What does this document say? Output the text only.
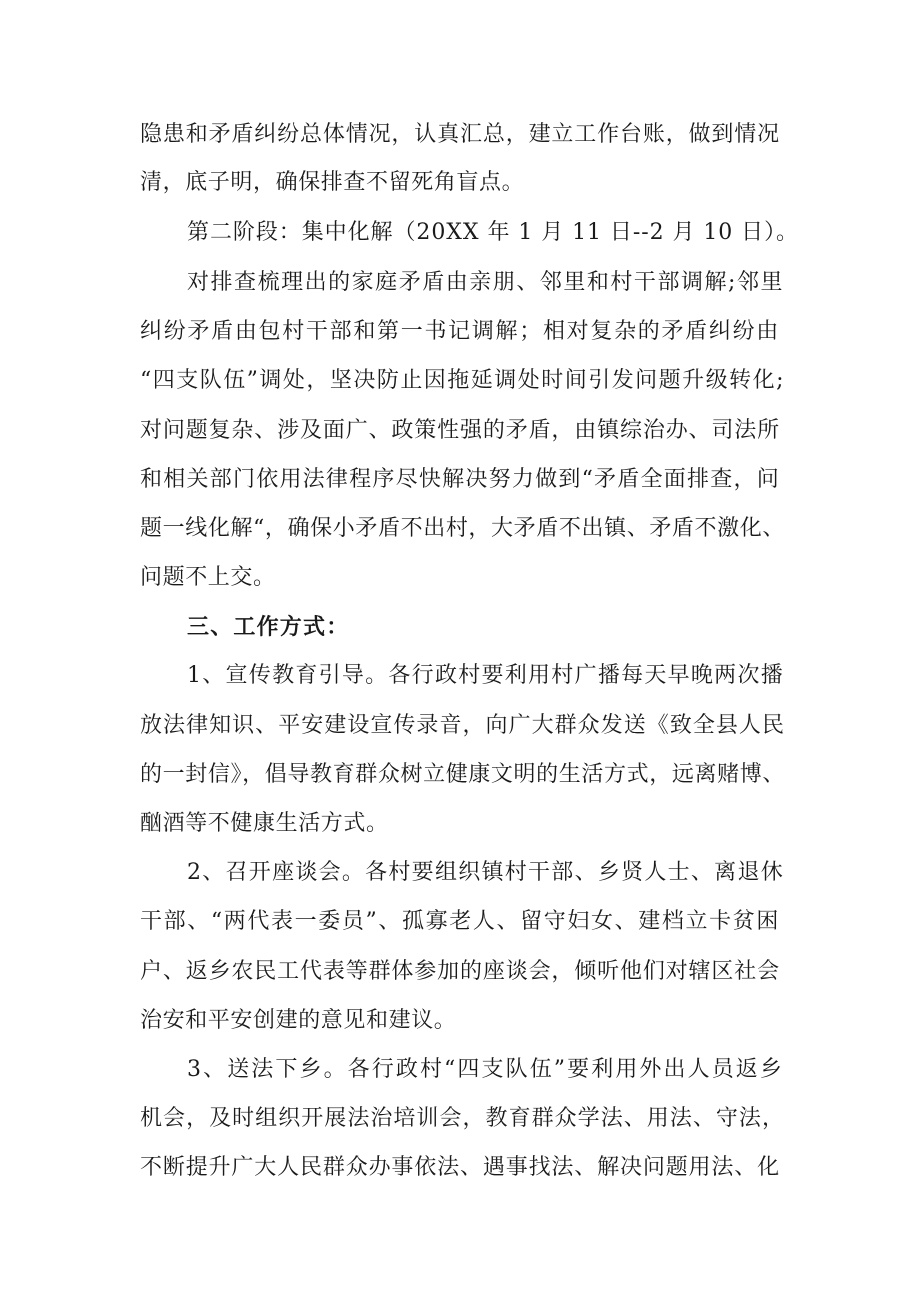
隐患和矛盾纠纷总体情况，认真汇总，建立工作台账，做到情况
清，底子明，确保排查不留死角盲点。
第二阶段：集中化解（20XX 年 1 月 11 日--2 月 10 日）。
对排查梳理出的家庭矛盾由亲朋、邻里和村干部调解;邻里
纠纷矛盾由包村干部和第一书记调解；相对复杂的矛盾纠纷由
“四支队伍”调处，坚决防止因拖延调处时间引发问题升级转化;
对问题复杂、涉及面广、政策性强的矛盾，由镇综治办、司法所
和相关部门依用法律程序尽快解决努力做到“矛盾全面排查，问
题一线化解“，确保小矛盾不出村，大矛盾不出镇、矛盾不激化、
问题不上交。
三、工作方式：
1、宣传教育引导。各行政村要利用村广播每天早晚两次播
放法律知识、平安建设宣传录音，向广大群众发送《致全县人民
的一封信》，倡导教育群众树立健康文明的生活方式，远离赌博、
酗酒等不健康生活方式。
2、召开座谈会。各村要组织镇村干部、乡贤人士、离退休
干部、“两代表一委员”、孤寡老人、留守妇女、建档立卡贫困
户、返乡农民工代表等群体参加的座谈会，倾听他们对辖区社会
治安和平安创建的意见和建议。
3、送法下乡。各行政村“四支队伍”要利用外出人员返乡
机会，及时组织开展法治培训会，教育群众学法、用法、守法，
不断提升广大人民群众办事依法、遇事找法、解决问题用法、化
